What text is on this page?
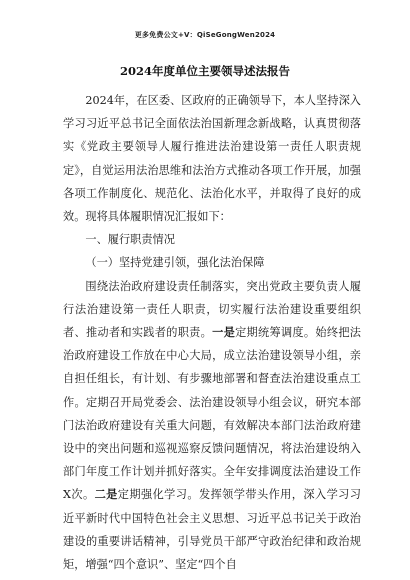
更多免费公文+V：QiSeGongWen2024
2024年度单位主要领导述法报告

2024年，在区委、区政府的正确领导下，本人坚持深入学习习近平总书记全面依法治国新理念新战略，认真贯彻落实《党政主要领导人履行推进法治建设第一责任人职责规定》，自觉运用法治思维和法治方式推动各项工作开展，加强各项工作制度化、规范化、法治化水平，并取得了良好的成效。现将具体履职情况汇报如下：

一、履行职责情况

（一）坚持党建引领，强化法治保障

围绕法治政府建设责任制落实，突出党政主要负责人履行法治建设第一责任人职责，切实履行法治建设重要组织者、推动者和实践者的职责。一是定期统筹调度。始终把法治政府建设工作放在中心大局，成立法治建设领导小组，亲自担任组长，有计划、有步骤地部署和督查法治建设重点工作。定期召开局党委会、法治建设领导小组会议，研究本部门法治政府建设有关重大问题，有效解决本部门法治政府建设中的突出问题和巡视巡察反馈问题情况，将法治建设纳入部门年度工作计划并抓好落实。全年安排调度法治建设工作X次。二是定期强化学习。发挥领学带头作用，深入学习习近平新时代中国特色社会主义思想、习近平总书记关于政治建设的重要讲话精神，引导党员干部严守政治纪律和政治规矩，增强“四个意识”、坚定“四个自
